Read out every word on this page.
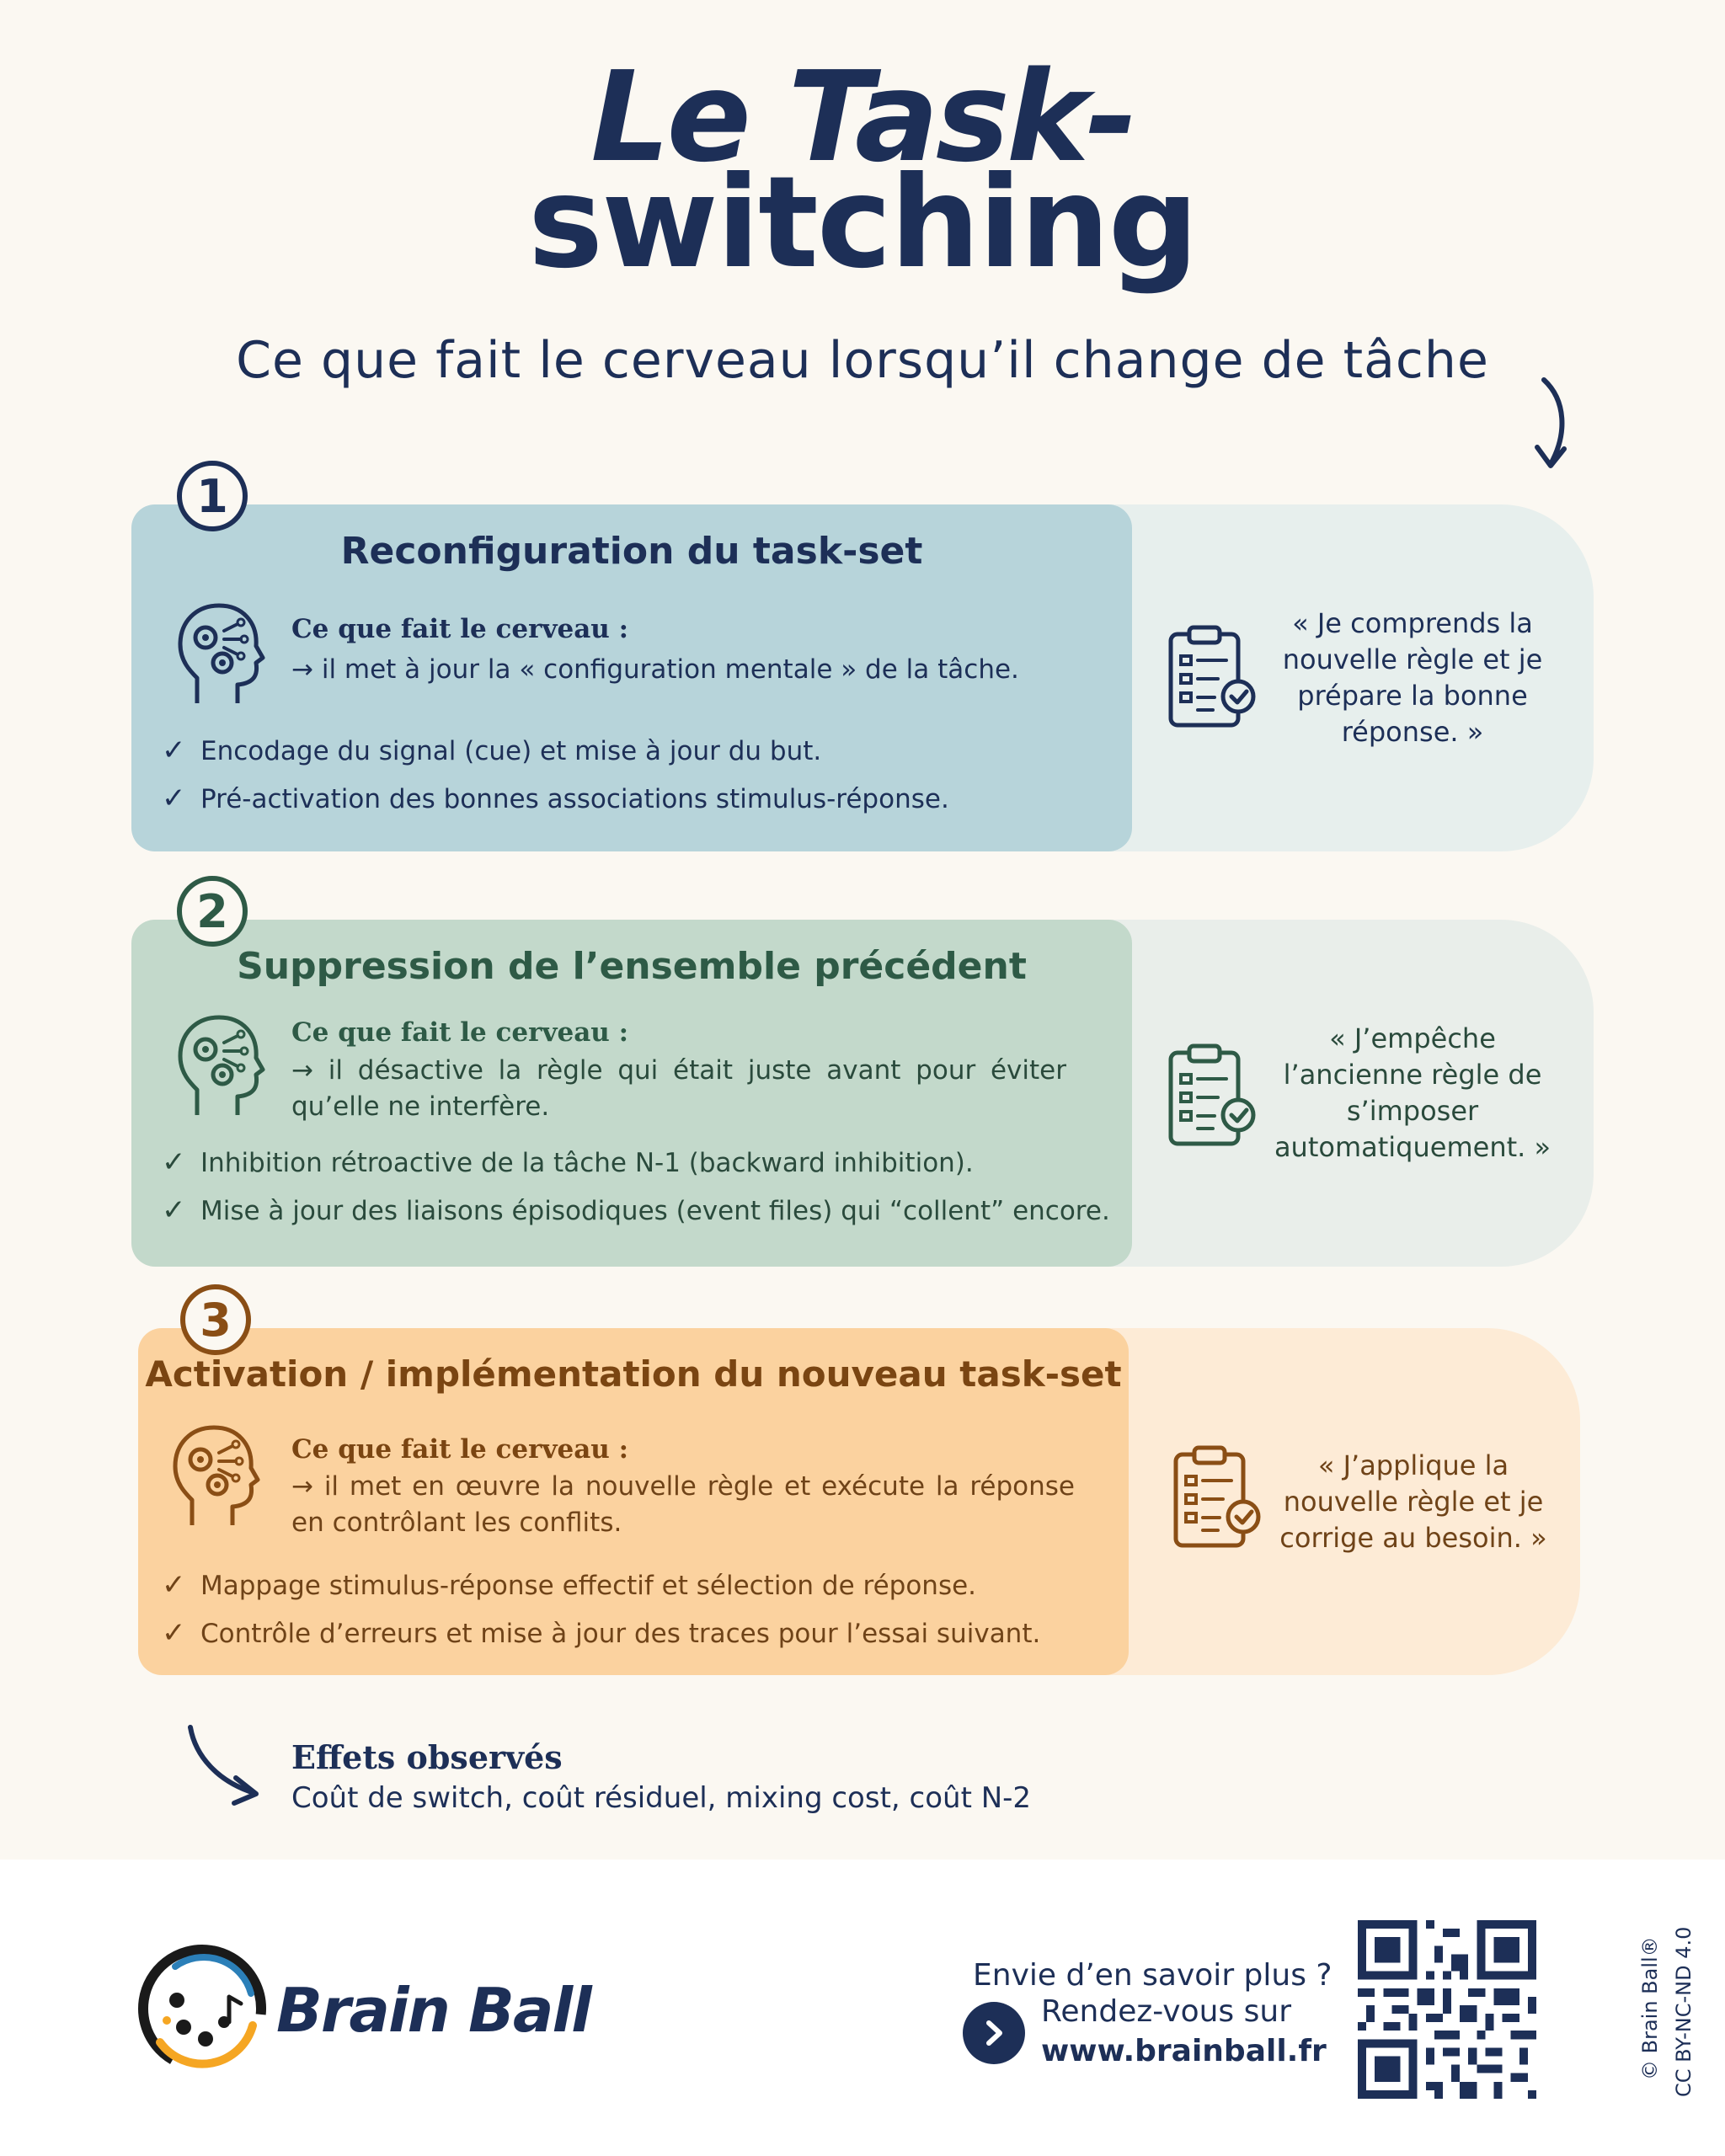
Le Task-
switching
Ce que fait le cerveau lorsqu’il change de tâche
1
Reconfiguration du task-set
Ce que fait le cerveau :
→ il met à jour la « configuration mentale » de la tâche.
✓ Encodage du signal (cue) et mise à jour du but.
✓ Pré-activation des bonnes associations stimulus-réponse.
« Je comprends la nouvelle règle et je prépare la bonne réponse. »
2
Suppression de l’ensemble précédent
Ce que fait le cerveau :
→ il désactive la règle qui était juste avant pour éviter qu’elle ne interfère.
✓ Inhibition rétroactive de la tâche N-1 (backward inhibition).
✓ Mise à jour des liaisons épisodiques (event files) qui “collent” encore.
« J’empêche l’ancienne règle de s’imposer automatiquement. »
3
Activation / implémentation du nouveau task-set
Ce que fait le cerveau :
→ il met en œuvre la nouvelle règle et exécute la réponse en contrôlant les conflits.
✓ Mappage stimulus-réponse effectif et sélection de réponse.
✓ Contrôle d’erreurs et mise à jour des traces pour l’essai suivant.
« J’applique la nouvelle règle et je corrige au besoin. »
Effets observés
Coût de switch, coût résiduel, mixing cost, coût N-2
Brain Ball	Envie d’en savoir plus ?
Rendez-vous sur
www.brainball.fr	© Brain Ball® CC BY-NC-ND 4.0
